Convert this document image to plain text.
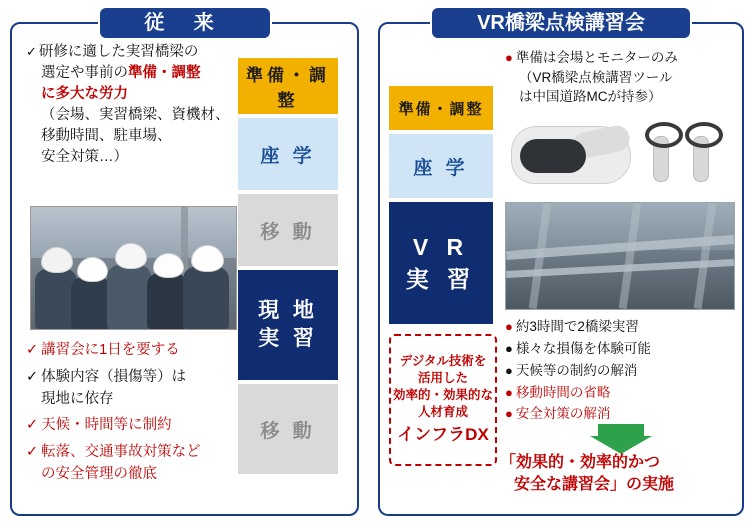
従 来
✓ 研修に適した実習橋梁の

選定や事前の準備・調整
に多大な労力
（会場、実習橋梁、資機材、
移動時間、駐車場、
安全対策…）
✓ 講習会に1日を要する
✓ 体験内容（損傷等）は

現地に依存
✓ 天候・時間等に制約
✓ 転落、交通事故対策など

の安全管理の徹底
準備・調整
座 学
移 動
現 地
実 習
移 動
VR橋梁点検講習会
準備・調整
座 学
V R
実 習
デジタル技術を
活用した
効率的・効果的な
人材育成
インフラDX
● 準備は会場とモニターのみ
（VR橋梁点検講習ツール
は中国道路MCが持参）
● 約3時間で2橋梁実習
● 様々な損傷を体験可能
● 天候等の制約の解消
● 移動時間の省略
● 安全対策の解消
「効果的・効率的かつ
安全な講習会」の実施
